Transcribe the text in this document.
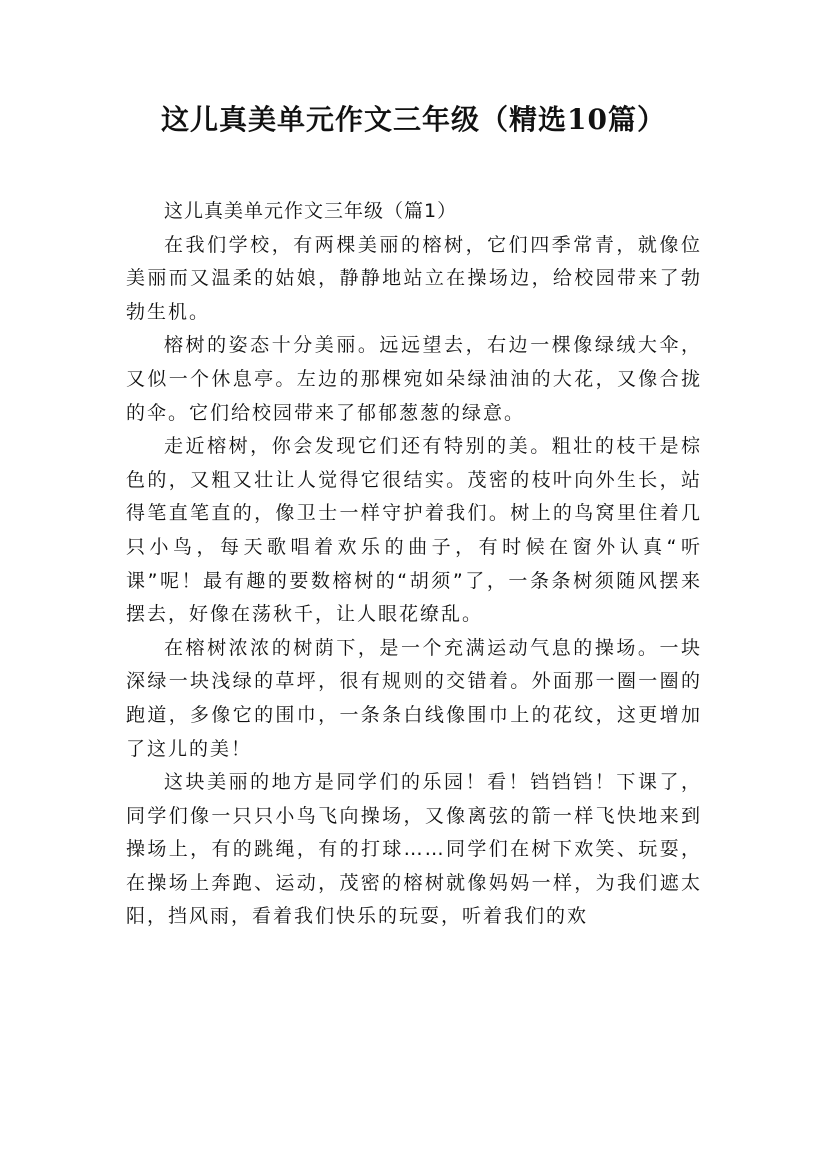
这儿真美单元作文三年级（精选10篇）

这儿真美单元作文三年级（篇1）

在我们学校，有两棵美丽的榕树，它们四季常青，就像位美丽而又温柔的姑娘，静静地站立在操场边，给校园带来了勃勃生机。

榕树的姿态十分美丽。远远望去，右边一棵像绿绒大伞，又似一个休息亭。左边的那棵宛如朵绿油油的大花，又像合拢的伞。它们给校园带来了郁郁葱葱的绿意。

走近榕树，你会发现它们还有特别的美。粗壮的枝干是棕色的，又粗又壮让人觉得它很结实。茂密的枝叶向外生长，站得笔直笔直的，像卫士一样守护着我们。树上的鸟窝里住着几只小鸟，每天歌唱着欢乐的曲子，有时候在窗外认真“听课”呢！最有趣的要数榕树的“胡须”了，一条条树须随风摆来摆去，好像在荡秋千，让人眼花缭乱。

在榕树浓浓的树荫下，是一个充满运动气息的操场。一块深绿一块浅绿的草坪，很有规则的交错着。外面那一圈一圈的跑道，多像它的围巾，一条条白线像围巾上的花纹，这更增加了这儿的美！

这块美丽的地方是同学们的乐园！看！铛铛铛！下课了，同学们像一只只小鸟飞向操场，又像离弦的箭一样飞快地来到操场上，有的跳绳，有的打球……同学们在树下欢笑、玩耍，在操场上奔跑、运动，茂密的榕树就像妈妈一样，为我们遮太阳，挡风雨，看着我们快乐的玩耍，听着我们的欢
